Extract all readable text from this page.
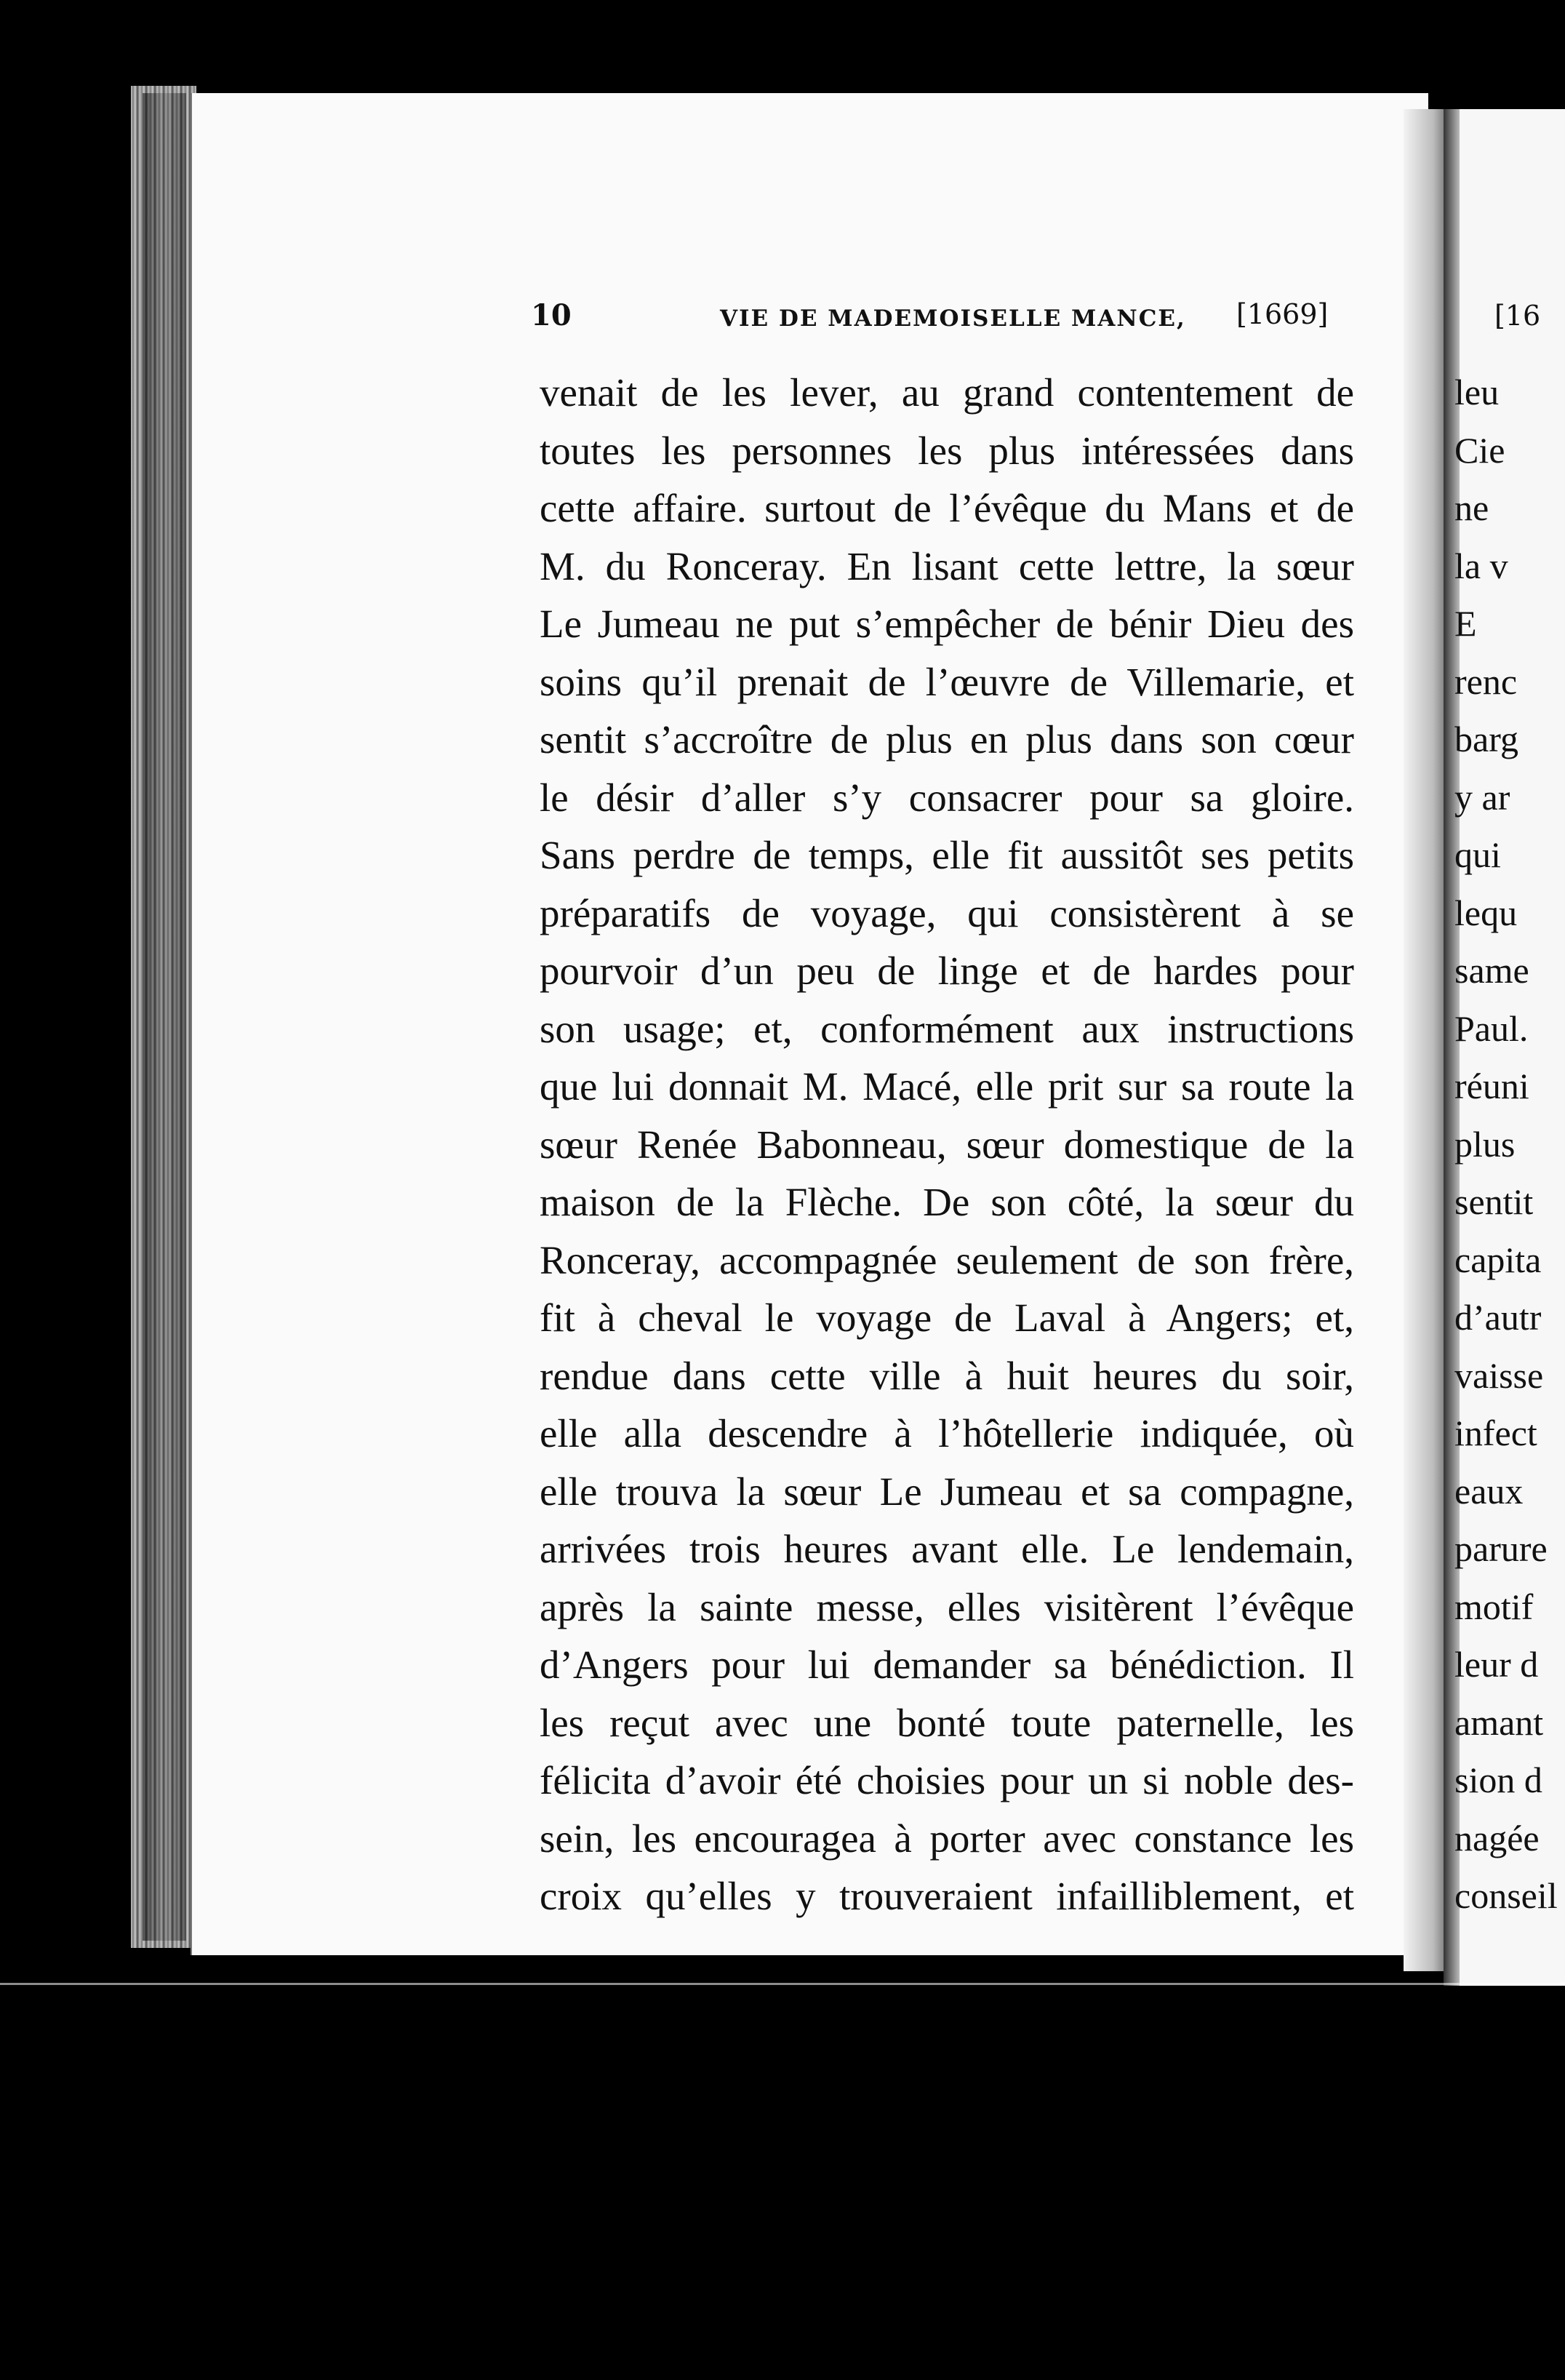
10	VIE DE MADEMOISELLE MANCE, [1669]
venait de les lever, au grand contentement de
toutes les personnes les plus intéressées dans
cette affaire. surtout de l’évêque du Mans et de
M. du Ronceray. En lisant cette lettre, la sœur
Le Jumeau ne put s’empêcher de bénir Dieu des
soins qu’il prenait de l’œuvre de Villemarie, et
sentit s’accroître de plus en plus dans son cœur
le désir d’aller s’y consacrer pour sa gloire.
Sans perdre de temps, elle fit aussitôt ses petits
préparatifs de voyage, qui consistèrent à se
pourvoir d’un peu de linge et de hardes pour
son usage; et, conformément aux instructions
que lui donnait M. Macé, elle prit sur sa route la
sœur Renée Babonneau, sœur domestique de la
maison de la Flèche. De son côté, la sœur du
Ronceray, accompagnée seulement de son frère,
fit à cheval le voyage de Laval à Angers; et,
rendue dans cette ville à huit heures du soir,
elle alla descendre à l’hôtellerie indiquée, où
elle trouva la sœur Le Jumeau et sa compagne,
arrivées trois heures avant elle. Le lendemain,
après la sainte messe, elles visitèrent l’évêque
d’Angers pour lui demander sa bénédiction. Il
les reçut avec une bonté toute paternelle, les
félicita d’avoir été choisies pour un si noble des-
sein, les encouragea à porter avec constance les
croix qu’elles y trouveraient infailliblement, et
[16
leu
Cie
ne
la v
E
renc
barg
y ar
qui
lequ
same
Paul.
réuni
plus
sentit
capita
d’autr
vaisse
infect
eaux
parure
motif
leur d
amant
sion d
nagée
conseil
